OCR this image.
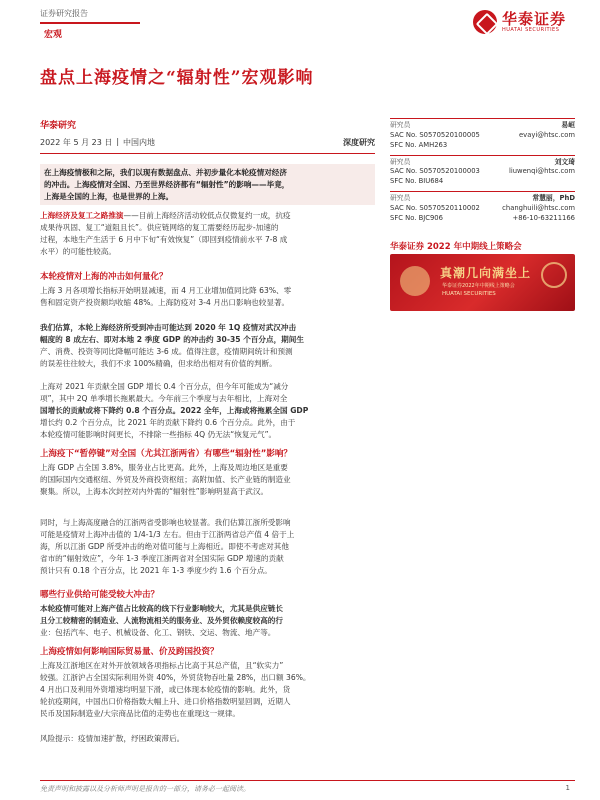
证券研究报告
宏观
华泰证券
HUATAI SECURITIES
盘点上海疫情之“辐射性”宏观影响
华泰研究
2022 年 5 月 23 日 | 中国内地	深度研究
在上海疫情极和之际，我们以现有数据盘点、并初步量化本轮疫情对经济
的冲击。上海疫情对全国、乃至世界经济都有“辐射性”的影响——毕竟，
上海是全国的上海，也是世界的上海。
上海经济及复工之路推演——目前上海经济活动较低点仅微复约一成，抗疫
成果待巩固、复工“道阻且长”。供应链网络的复工需要经历起步-加速的
过程，本地生产生活于 6 月中下旬“有效恢复”（即回到疫情前水平 7-8 成
水平）的可能性较高。
本轮疫情对上海的冲击如何量化？
上海 3 月各项增长指标开始明显减速，而 4 月工业增加值同比降 63%、零
售和固定资产投资额均收缩 48%。上海防疫对 3-4 月出口影响也较显著。
我们估算，本轮上海经济所受到冲击可能达到 2020 年 1Q 疫情对武汉冲击
幅度的 8 成左右、即对本地 2 季度 GDP 的冲击约 30-35 个百分点，期间生
产、消费、投资等同比降幅可能达 3-6 成。值得注意，疫情期间统计和预测
的误差往往较大，我们不求 100%精确，但求给出相对有价值的判断。
上海对 2021 年贡献全国 GDP 增长 0.4 个百分点，但今年可能成为“减分
项”，其中 2Q 单季增长拖累最大。今年前三个季度与去年相比，上海对全
国增长的贡献或将下降约 0.8 个百分点。2022 全年，上海或将拖累全国 GDP
增长约 0.2 个百分点，比 2021 年的贡献下降约 0.6 个百分点。此外，由于
本轮疫情可能影响时间更长，不排除一些指标 4Q 仍无法“恢复元气”。
上海疫下“暂停键”对全国（尤其江浙两省）有哪些“辐射性”影响？
上海 GDP 占全国 3.8%，服务业占比更高。此外，上海及周边地区是重要
的国际国内交通枢纽、外贸及外商投资枢纽；高附加值、长产业链的制造业
聚集。所以，上海本次封控对内外需的“辐射性”影响明显高于武汉。
同时，与上海高度融合的江浙两省受影响也较显著。我们估算江浙所受影响
可能是疫情对上海冲击值的 1/4-1/3 左右。但由于江浙两省总产值 4 倍于上
海，所以江浙 GDP 所受冲击的绝对值可能与上海相近。即使不考虑对其他
省市的“辐射效应”，今年 1-3 季度江浙两省对全国实际 GDP 增速的贡献
预计只有 0.18 个百分点，比 2021 年 1-3 季度少约 1.6 个百分点。
哪些行业供给可能受较大冲击？
本轮疫情可能对上海产值占比较高的线下行业影响较大，尤其是供应链长
且分工较精密的制造业、人流物流相关的服务业、及外贸依赖度较高的行
业：包括汽车、电子、机械设备、化工、钢铁、交运、物流、地产等。
上海疫情如何影响国际贸易量、价及跨国投资？
上海及江浙地区在对外开放领域各项指标占比高于其总产值，且“软实力”
较强。江浙沪占全国实际利用外资 40%，外贸货物吞吐量 28%，出口额 36%。
4 月出口及利用外资增速均明显下滑，或已体现本轮疫情的影响。此外，货
轮抗疫期间，中国出口价格指数大幅上升、进口价格指数明显回调，近期人
民币及国际制造业/大宗商品比值的走势也在重现这一规律。
风险提示：疫情加速扩散，纾困政策滞后。
研究员	易峘
SAC No. S0570520100005	evayi@htsc.com
SFC No. AMH263
研究员	刘文琦
SAC No. S0570520100003	liuwenqi@htsc.com
SFC No. BIU684
研究员	常慧丽，PhD
SAC No. S0570520110002	changhuili@htsc.com
SFC No. BJC906	+86-10-63211166
华泰证券 2022 年中期线上策略会
真潮几向满坐上
华泰证券2022年中期线上策略会
HUATAI SECURITIES
免责声明和披露以及分析师声明是报告的一部分，请务必一起阅读。	1
